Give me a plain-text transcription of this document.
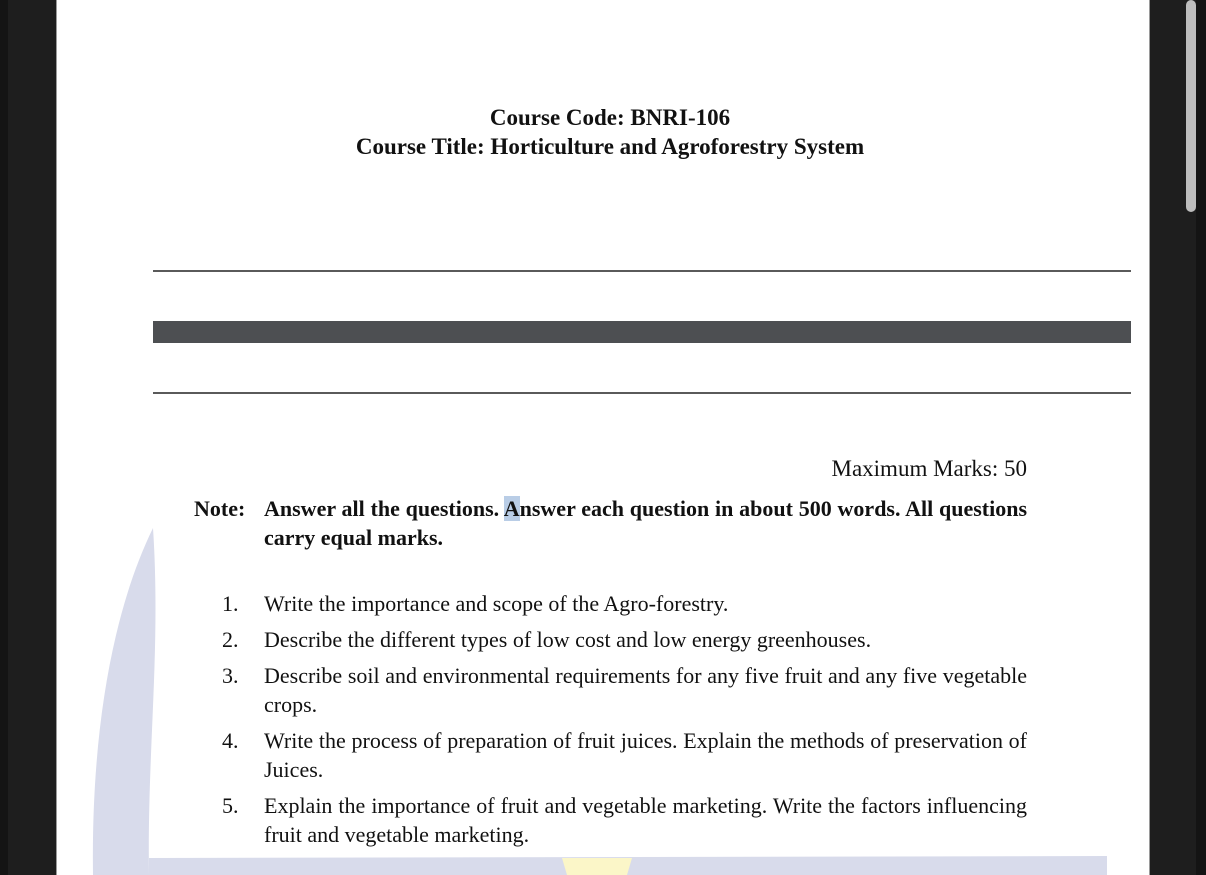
Course Code: BNRI-106
Course Title: Horticulture and Agroforestry System
Maximum Marks: 50
Note: Answer all the questions. Answer each question in about 500 words. All questions carry equal marks.
1.	Write the importance and scope of the Agro-forestry.
2.	Describe the different types of low cost and low energy greenhouses.
3.	Describe soil and environmental requirements for any five fruit and any five vegetable crops.
4.	Write the process of preparation of fruit juices. Explain the methods of preservation of Juices.
5.	Explain the importance of fruit and vegetable marketing. Write the factors influencing fruit and vegetable marketing.
